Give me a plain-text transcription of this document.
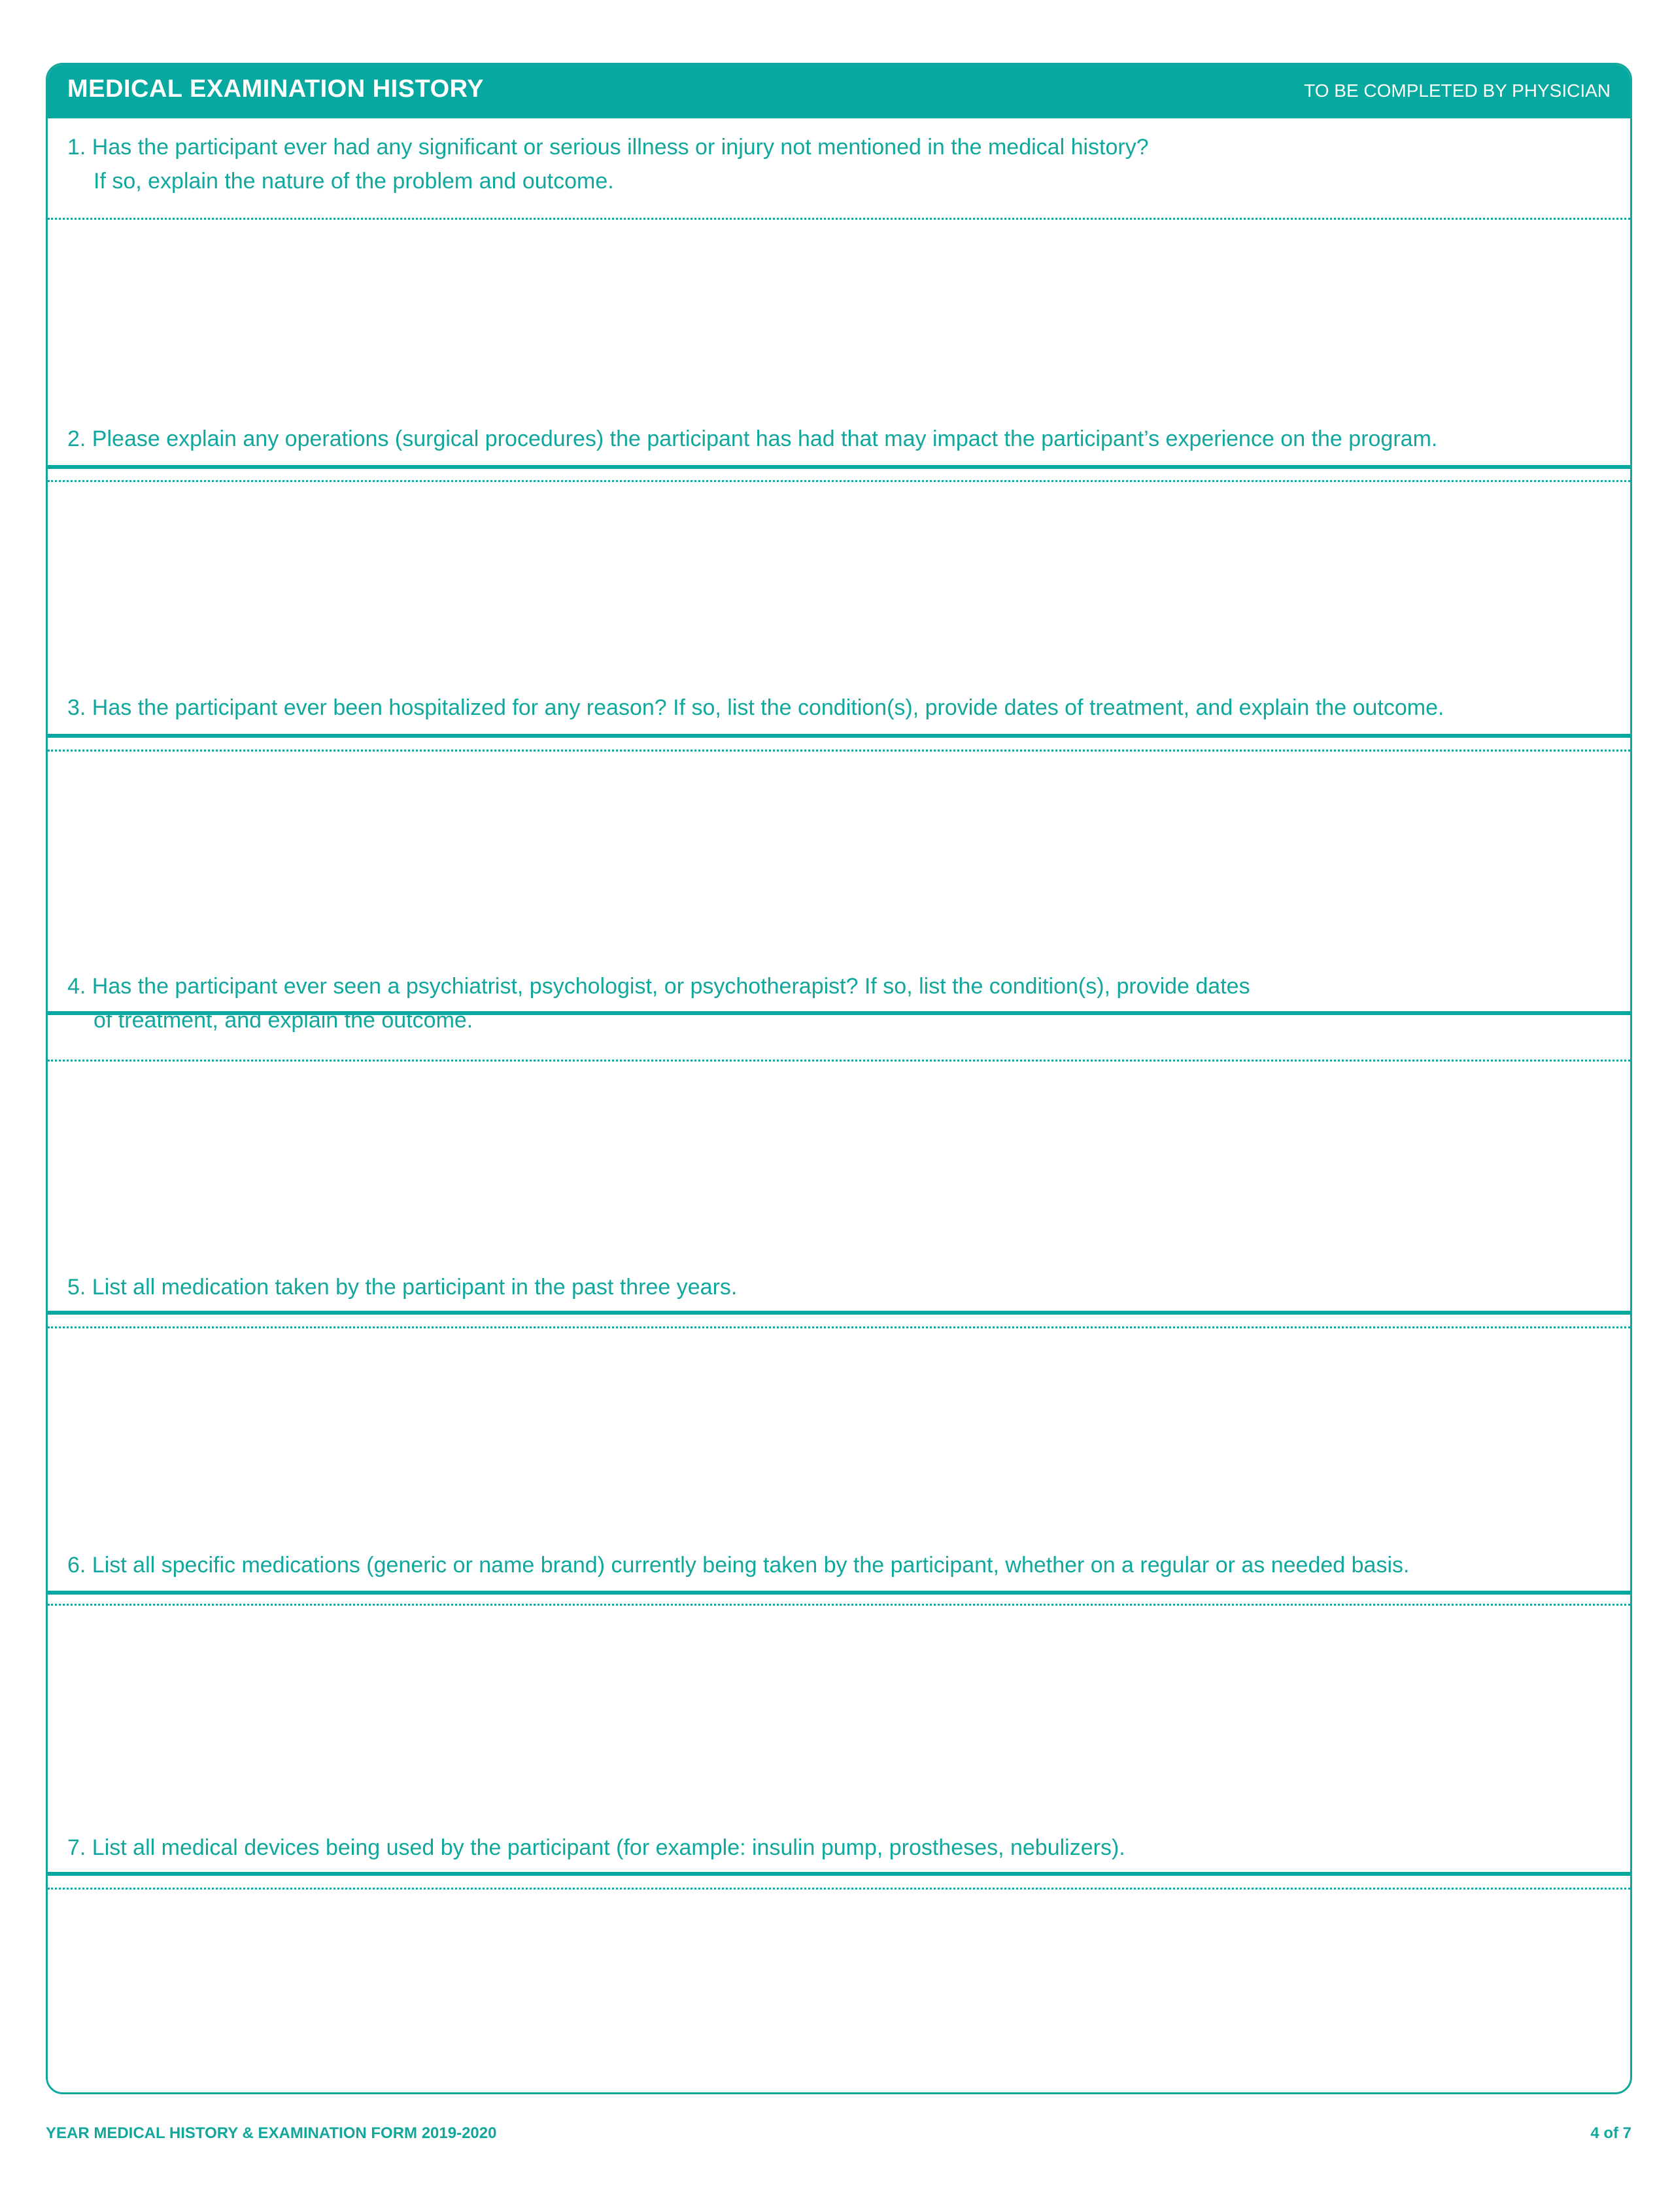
MEDICAL EXAMINATION HISTORY	TO BE COMPLETED BY PHYSICIAN
1. Has the participant ever had any significant or serious illness or injury not mentioned in the medical history?
If so, explain the nature of the problem and outcome.
2. Please explain any operations (surgical procedures) the participant has had that may impact the participant’s experience on the program.
3. Has the participant ever been hospitalized for any reason? If so, list the condition(s), provide dates of treatment, and explain the outcome.
4. Has the participant ever seen a psychiatrist, psychologist, or psychotherapist? If so, list the condition(s), provide dates
of treatment, and explain the outcome.
5. List all medication taken by the participant in the past three years.
6. List all specific medications (generic or name brand) currently being taken by the participant, whether on a regular or as needed basis.
7. List all medical devices being used by the participant (for example: insulin pump, prostheses, nebulizers).
YEAR MEDICAL HISTORY & EXAMINATION FORM 2019-2020	4 of 7
